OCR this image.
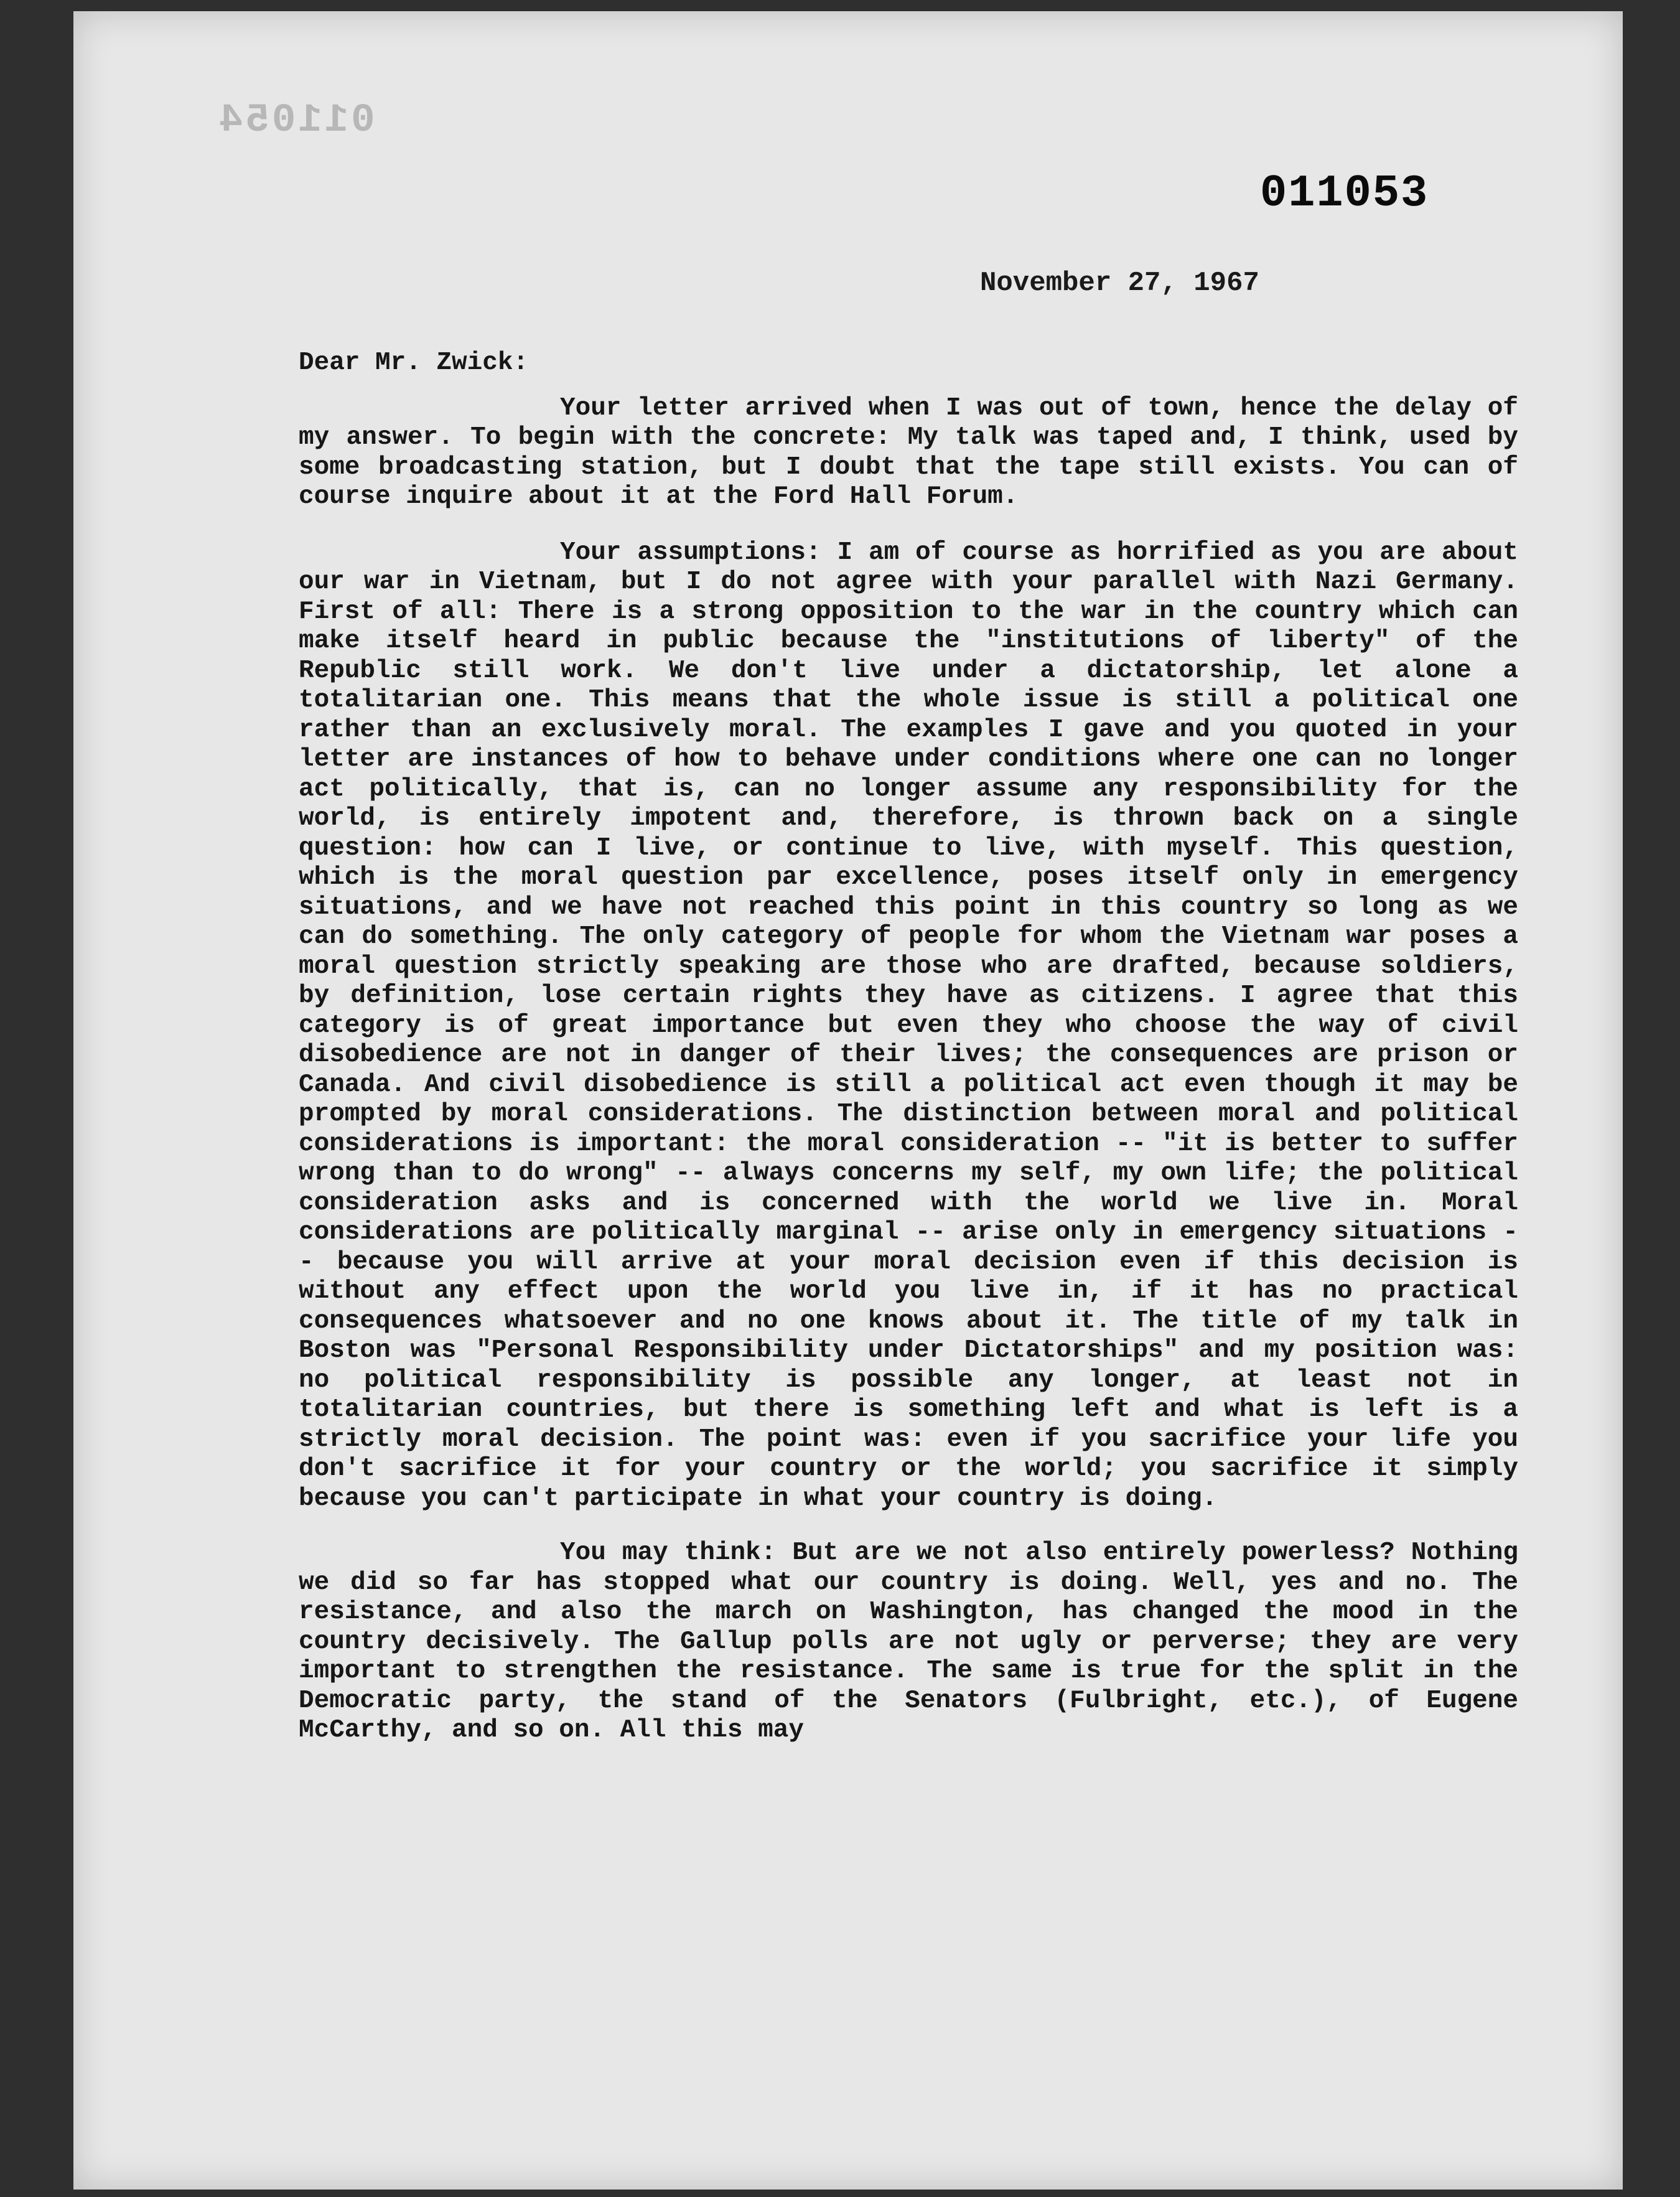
011054
011053
November 27, 1967
Dear Mr. Zwick:
Your letter arrived when I was out of town, hence the delay of my answer. To begin with the concrete: My talk was taped and, I think, used by some broadcasting station, but I doubt that the tape still exists. You can of course inquire about it at the Ford Hall Forum.
Your assumptions: I am of course as horrified as you are about our war in Vietnam, but I do not agree with your parallel with Nazi Germany. First of all: There is a strong opposition to the war in the country which can make itself heard in public because the "institutions of liberty" of the Republic still work. We don't live under a dictatorship, let alone a totalitarian one. This means that the whole issue is still a political one rather than an exclusively moral. The examples I gave and you quoted in your letter are instances of how to behave under conditions where one can no longer act politically, that is, can no longer assume any responsibility for the world, is entirely impotent and, therefore, is thrown back on a single question: how can I live, or continue to live, with myself. This question, which is the moral question par excellence, poses itself only in emergency situations, and we have not reached this point in this country so long as we can do something. The only category of people for whom the Vietnam war poses a moral question strictly speaking are those who are drafted, because soldiers, by definition, lose certain rights they have as citizens. I agree that this category is of great importance but even they who choose the way of civil disobedience are not in danger of their lives; the consequences are prison or Canada. And civil disobedience is still a political act even though it may be prompted by moral considerations. The distinction between moral and political considerations is important: the moral consideration -- "it is better to suffer wrong than to do wrong" -- always concerns my self, my own life; the political consideration asks and is concerned with the world we live in. Moral considerations are politically marginal -- arise only in emergency situations -- because you will arrive at your moral decision even if this decision is without any effect upon the world you live in, if it has no practical consequences whatsoever and no one knows about it. The title of my talk in Boston was "Personal Responsibility under Dictatorships" and my position was: no political responsibility is possible any longer, at least not in totalitarian countries, but there is something left and what is left is a strictly moral decision. The point was: even if you sacrifice your life you don't sacrifice it for your country or the world; you sacrifice it simply because you can't participate in what your country is doing.
You may think: But are we not also entirely powerless? Nothing we did so far has stopped what our country is doing. Well, yes and no. The resistance, and also the march on Washington, has changed the mood in the country decisively. The Gallup polls are not ugly or perverse; they are very important to strengthen the resistance. The same is true for the split in the Democratic party, the stand of the Senators (Fulbright, etc.), of Eugene McCarthy, and so on. All this may
